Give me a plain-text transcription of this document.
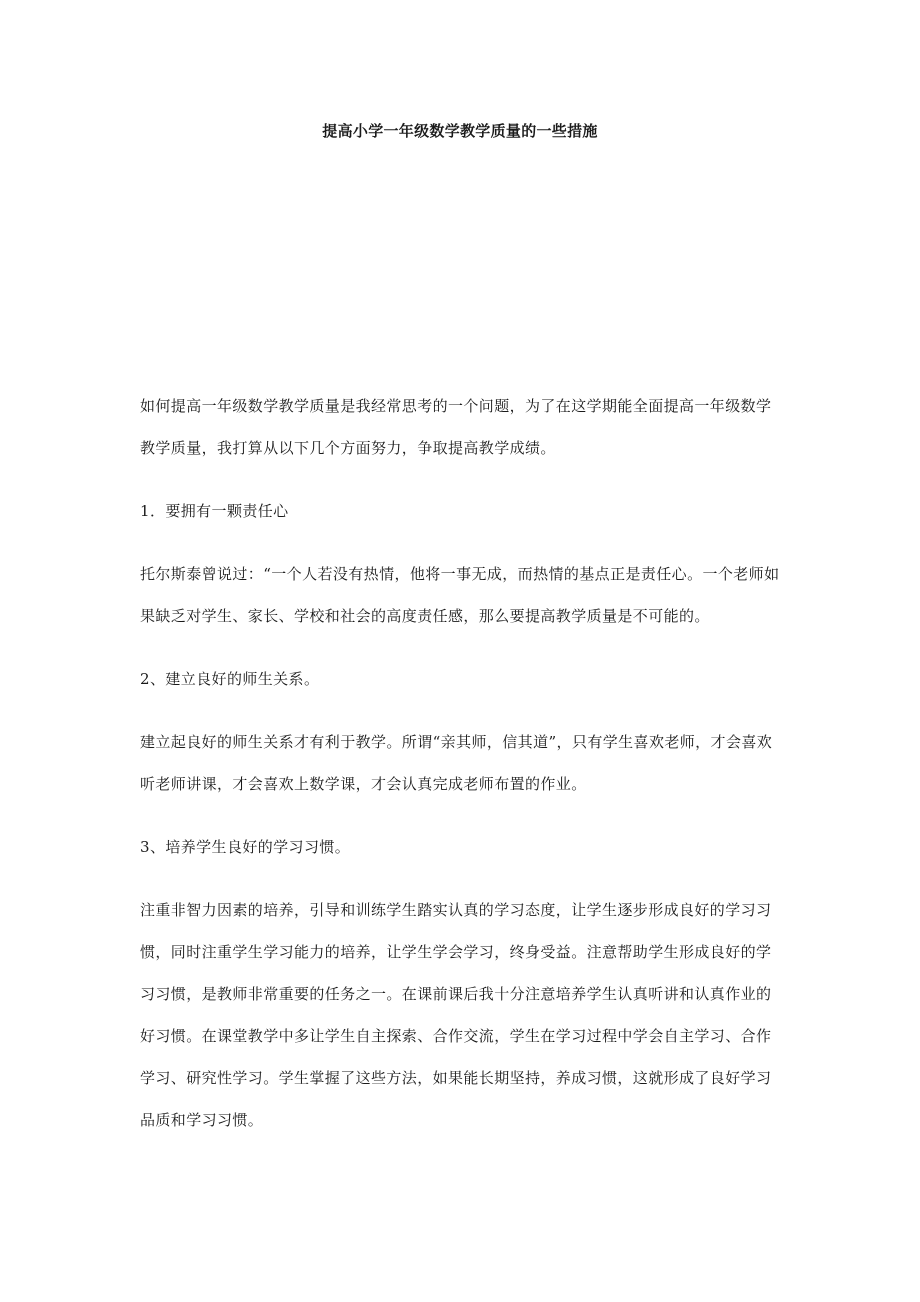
提高小学一年级数学教学质量的一些措施

如何提高一年级数学教学质量是我经常思考的一个问题，为了在这学期能全面提高一年级数学教学质量，我打算从以下几个方面努力，争取提高教学成绩。

1．要拥有一颗责任心

托尔斯泰曾说过：“一个人若没有热情，他将一事无成，而热情的基点正是责任心。一个老师如果缺乏对学生、家长、学校和社会的高度责任感，那么要提高教学质量是不可能的。

2、建立良好的师生关系。

建立起良好的师生关系才有利于教学。所谓“亲其师，信其道”，只有学生喜欢老师，才会喜欢听老师讲课，才会喜欢上数学课，才会认真完成老师布置的作业。

3、培养学生良好的学习习惯。

注重非智力因素的培养，引导和训练学生踏实认真的学习态度，让学生逐步形成良好的学习习惯，同时注重学生学习能力的培养，让学生学会学习，终身受益。注意帮助学生形成良好的学习习惯，是教师非常重要的任务之一。在课前课后我十分注意培养学生认真听讲和认真作业的好习惯。在课堂教学中多让学生自主探索、合作交流，学生在学习过程中学会自主学习、合作学习、研究性学习。学生掌握了这些方法，如果能长期坚持，养成习惯，这就形成了良好学习品质和学习习惯。
